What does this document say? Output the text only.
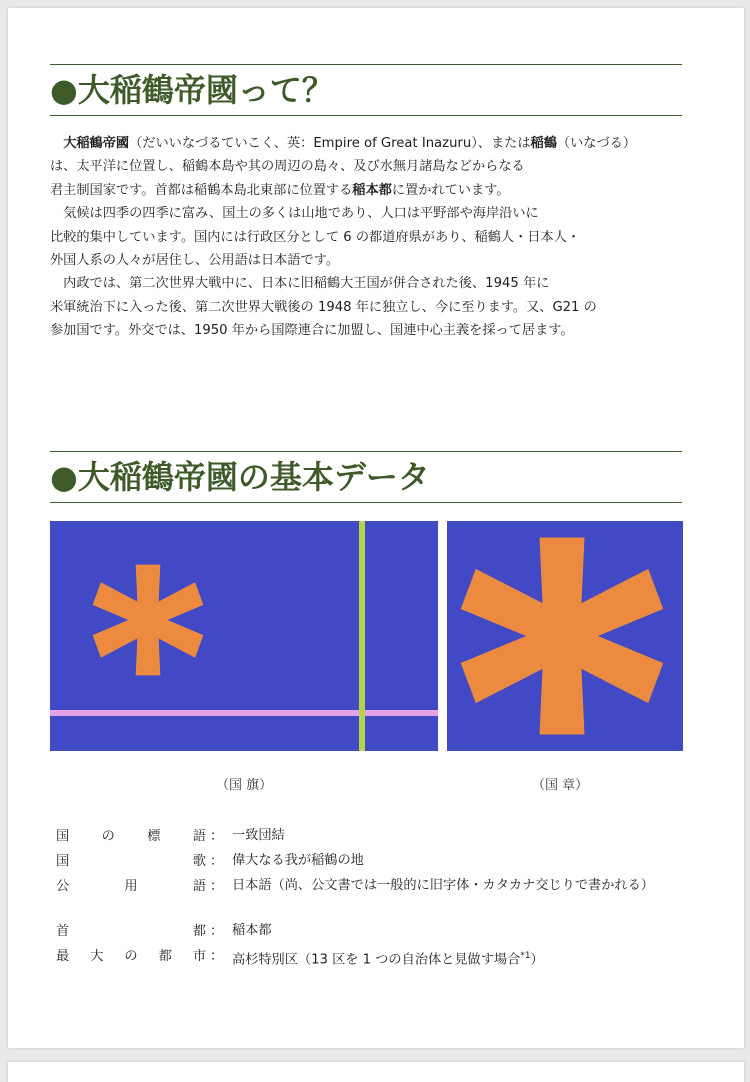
●大稲鶴帝國って？

　大稲鶴帝國（だいいなづるていこく、英：Empire of Great Inazuru）、または稲鶴（いなづる）

は、太平洋に位置し、稲鶴本島や其の周辺の島々、及び水無月諸島などからなる

君主制国家です。首都は稲鶴本島北東部に位置する稲本都に置かれています。

　気候は四季の四季に富み、国土の多くは山地であり、人口は平野部や海岸沿いに

比較的集中しています。国内には行政区分として 6 の都道府県があり、稲鶴人・日本人・

外国人系の人々が居住し、公用語は日本語です。

　内政では、第二次世界大戦中に、日本に旧稲鶴大王国が併合された後、1945 年に

米軍統治下に入った後、第二次世界大戦後の 1948 年に独立し、今に至ります。又、G21 の

参加国です。外交では、1950 年から国際連合に加盟し、国連中心主義を採って居ます。

●大稲鶴帝國の基本データ
（国 旗）	（国 章）
国 の 標 語 ： 一致団結
国	歌 ： 偉大なる我が稲鶴の地
公	用	語 ： 日本語（尚、公文書では一般的に旧字体・カタカナ交じりで書かれる）
首	都 ： 稲本都
最 大 の 都 市 ： 高杉特別区（13 区を 1 つの自治体と見做す場合$^{*1}$）
